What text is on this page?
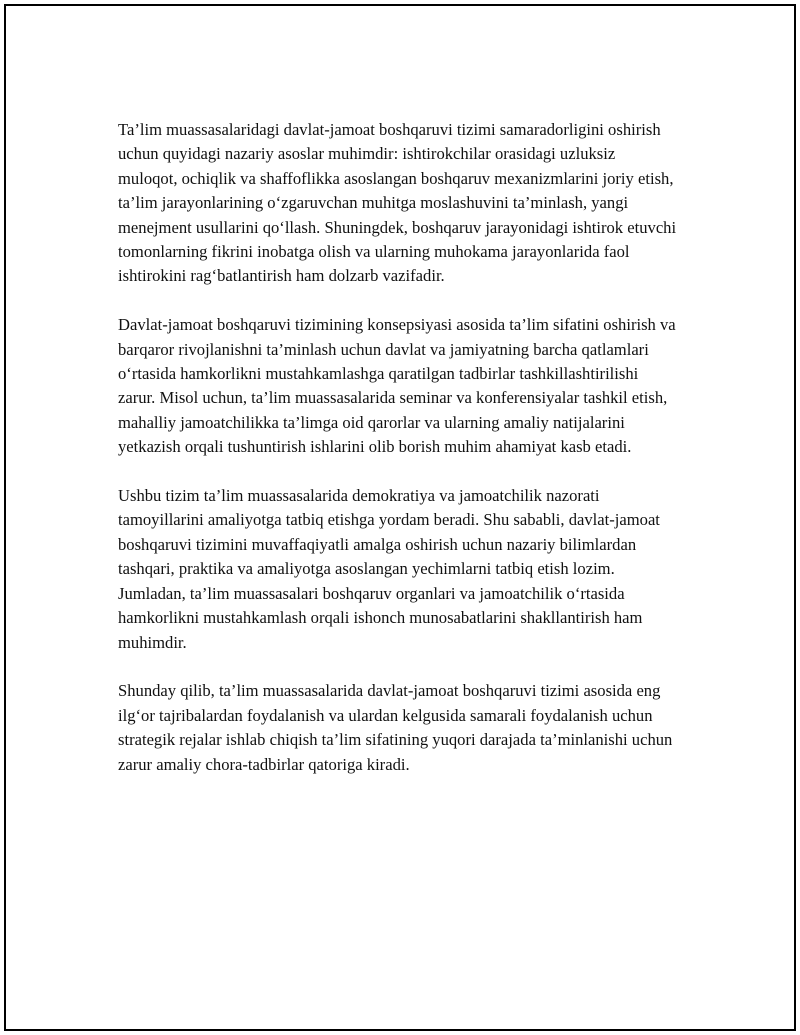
Ta’lim muassasalaridagi davlat-jamoat boshqaruvi tizimi samaradorligini oshirish uchun quyidagi nazariy asoslar muhimdir: ishtirokchilar orasidagi uzluksiz muloqot, ochiqlik va shaffoflikka asoslangan boshqaruv mexanizmlarini joriy etish, ta’lim jarayonlarining oʻzgaruvchan muhitga moslashuvini ta’minlash, yangi menejment usullarini qoʻllash. Shuningdek, boshqaruv jarayonidagi ishtirok etuvchi tomonlarning fikrini inobatga olish va ularning muhokama jarayonlarida faol ishtirokini ragʻbatlantirish ham dolzarb vazifadir.

Davlat-jamoat boshqaruvi tizimining konsepsiyasi asosida ta’lim sifatini oshirish va barqaror rivojlanishni ta’minlash uchun davlat va jamiyatning barcha qatlamlari oʻrtasida hamkorlikni mustahkamlashga qaratilgan tadbirlar tashkillashtirilishi zarur. Misol uchun, ta’lim muassasalarida seminar va konferensiyalar tashkil etish, mahalliy jamoatchilikka ta’limga oid qarorlar va ularning amaliy natijalarini yetkazish orqali tushuntirish ishlarini olib borish muhim ahamiyat kasb etadi.

Ushbu tizim ta’lim muassasalarida demokratiya va jamoatchilik nazorati tamoyillarini amaliyotga tatbiq etishga yordam beradi. Shu sababli, davlat-jamoat boshqaruvi tizimini muvaffaqiyatli amalga oshirish uchun nazariy bilimlardan tashqari, praktika va amaliyotga asoslangan yechimlarni tatbiq etish lozim. Jumladan, ta’lim muassasalari boshqaruv organlari va jamoatchilik oʻrtasida hamkorlikni mustahkamlash orqali ishonch munosabatlarini shakllantirish ham muhimdir.

Shunday qilib, ta’lim muassasalarida davlat-jamoat boshqaruvi tizimi asosida eng ilgʻor tajribalardan foydalanish va ulardan kelgusida samarali foydalanish uchun strategik rejalar ishlab chiqish ta’lim sifatining yuqori darajada ta’minlanishi uchun zarur amaliy chora-tadbirlar qatoriga kiradi.
